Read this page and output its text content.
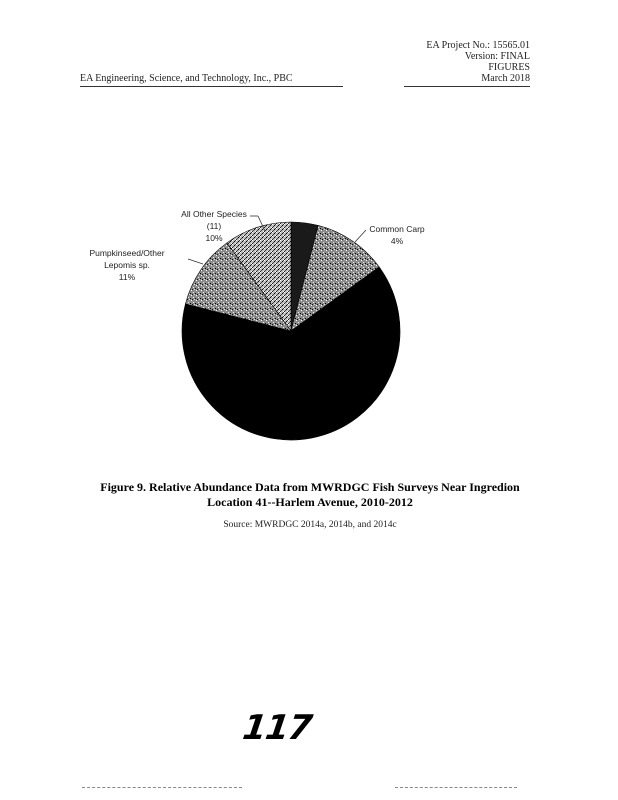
EA Project No.: 15565.01
Version: FINAL
FIGURES
March 2018
EA Engineering, Science, and Technology, Inc., PBC
All Other Species
(11)
10%
Pumpkinseed/Other
Lepomis sp.
11%
Common Carp
4%
Figure 9. Relative Abundance Data from MWRDGC Fish Surveys Near Ingredion
Location 41--Harlem Avenue, 2010-2012
Source: MWRDGC 2014a, 2014b, and 2014c
117
